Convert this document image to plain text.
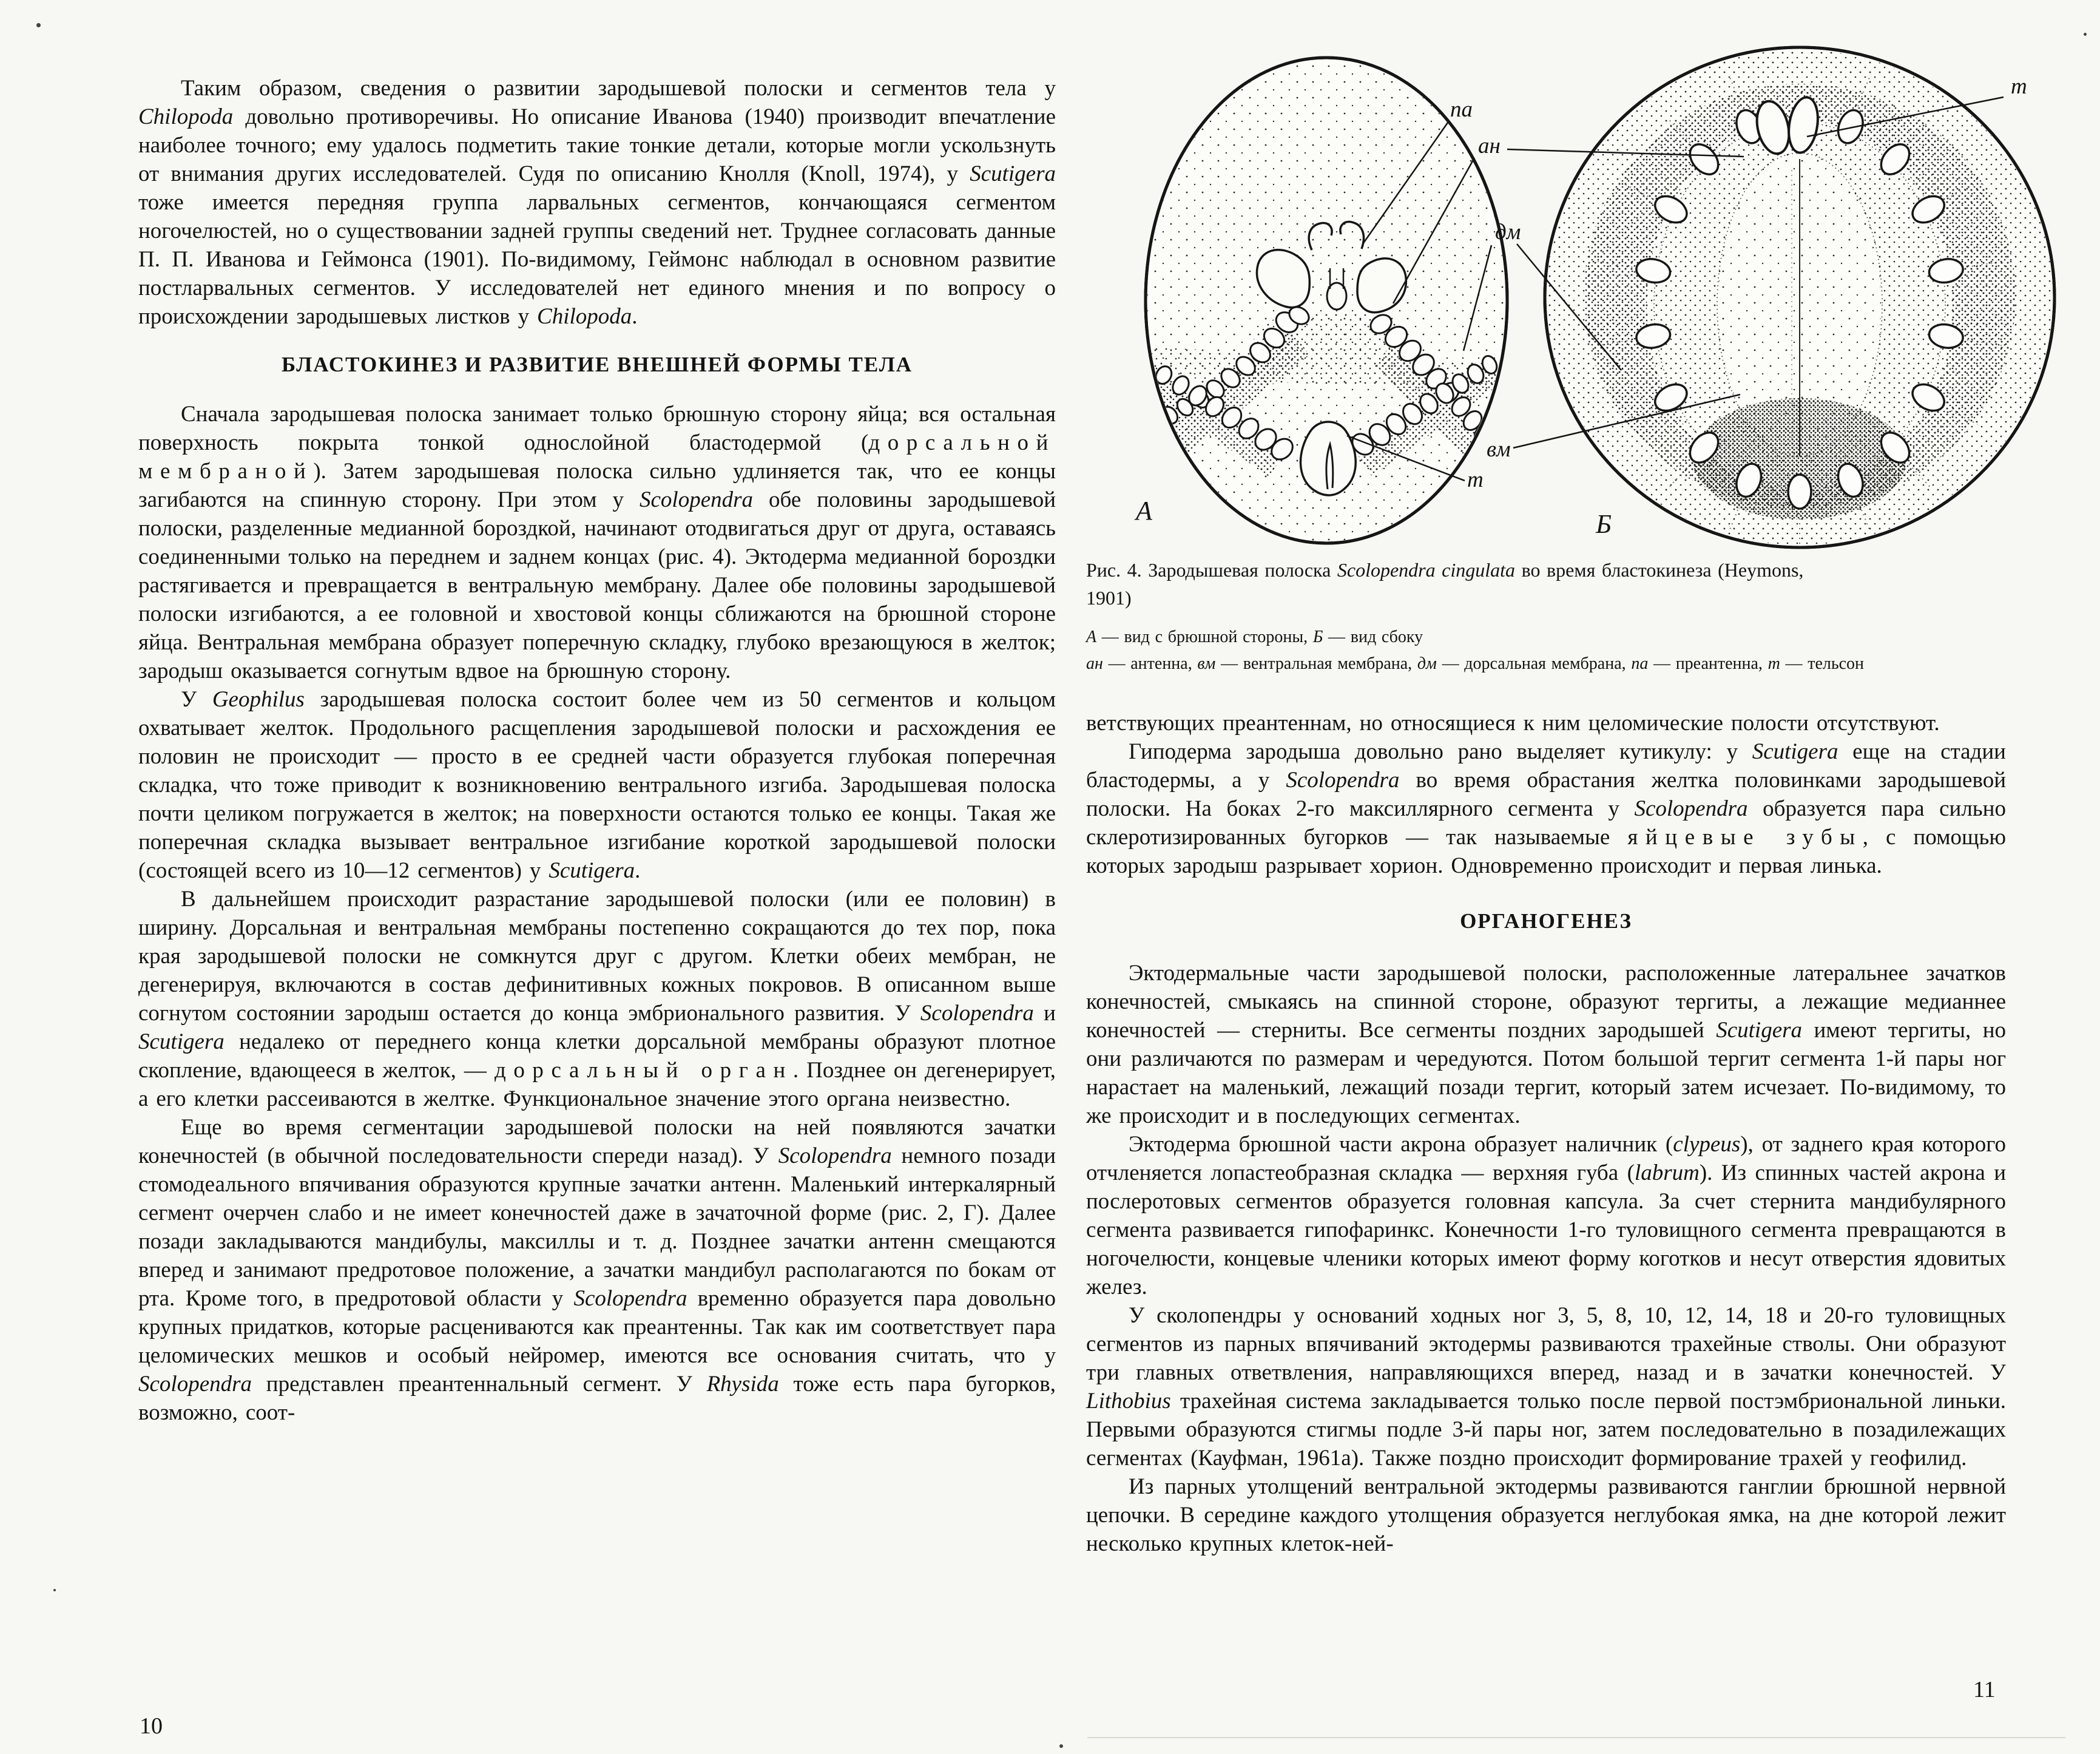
Таким образом, сведения о развитии зародышевой полоски и сегментов тела у Chilopoda довольно противоречивы. Но описание Иванова (1940) производит впечатление наиболее точного; ему удалось подметить такие тонкие детали, которые могли ускользнуть от внимания других исследователей. Судя по описанию Кнолля (Knoll, 1974), у Scutigera тоже имеется передняя группа ларвальных сегментов, кончающаяся сегментом ногочелюстей, но о существовании задней группы сведений нет. Труднее согласовать данные П. П. Иванова и Геймонса (1901). По-видимому, Геймонс наблюдал в основном развитие постларвальных сегментов. У исследователей нет единого мнения и по вопросу о происхождении зародышевых листков у Chilopoda.

БЛАСТОКИНЕЗ И РАЗВИТИЕ ВНЕШНЕЙ ФОРМЫ ТЕЛА

Сначала зародышевая полоска занимает только брюшную сторону яйца; вся остальная поверхность покрыта тонкой однослойной бластодермой (дорсальной мембраной). Затем зародышевая полоска сильно удлиняется так, что ее концы загибаются на спинную сторону. При этом у Scolopendra обе половины зародышевой полоски, разделенные медианной бороздкой, начинают отодвигаться друг от друга, оставаясь соединенными только на переднем и заднем концах (рис. 4). Эктодерма медианной бороздки растягивается и превращается в вентральную мембрану. Далее обе половины зародышевой полоски изгибаются, а ее головной и хвостовой концы сближаются на брюшной стороне яйца. Вентральная мембрана образует поперечную складку, глубоко врезающуюся в желток; зародыш оказывается согнутым вдвое на брюшную сторону.

У Geophilus зародышевая полоска состоит более чем из 50 сегментов и кольцом охватывает желток. Продольного расщепления зародышевой полоски и расхождения ее половин не происходит — просто в ее средней части образуется глубокая поперечная складка, что тоже приводит к возникновению вентрального изгиба. Зародышевая полоска почти целиком погружается в желток; на поверхности остаются только ее концы. Такая же поперечная складка вызывает вентральное изгибание короткой зародышевой полоски (состоящей всего из 10—12 сегментов) у Scutigera.

В дальнейшем происходит разрастание зародышевой полоски (или ее половин) в ширину. Дорсальная и вентральная мембраны постепенно сокращаются до тех пор, пока края зародышевой полоски не сомкнутся друг с другом. Клетки обеих мембран, не дегенерируя, включаются в состав дефинитивных кожных покровов. В описанном выше согнутом состоянии зародыш остается до конца эмбрионального развития. У Scolopendra и Scutigera недалеко от переднего конца клетки дорсальной мембраны образуют плотное скопление, вдающееся в желток, — дорсальный орган. Позднее он дегенерирует, а его клетки рассеиваются в желтке. Функциональное значение этого органа неизвестно.

Еще во время сегментации зародышевой полоски на ней появляются зачатки конечностей (в обычной последовательности спереди назад). У Scolopendra немного позади стомодеального впячивания образуются крупные зачатки антенн. Маленький интеркалярный сегмент очерчен слабо и не имеет конечностей даже в зачаточной форме (рис. 2, Г). Далее позади закладываются мандибулы, максиллы и т. д. Позднее зачатки антенн смещаются вперед и занимают предротовое положение, а зачатки мандибул располагаются по бокам от рта. Кроме того, в предротовой области у Scolopendra временно образуется пара довольно крупных придатков, которые расцениваются как преантенны. Так как им соответствует пара целомических мешков и особый нейромер, имеются все основания считать, что у Scolopendra представлен преантеннальный сегмент. У Rhysida тоже есть пара бугорков, возможно, соот-

па
ан
дм
т
вм
т
А	Б

Рис. 4. Зародышевая полоска Scolopendra cingulata во время бластокинеза (Heymons,
1901)

А — вид с брюшной стороны, Б — вид сбоку

ан — антенна, вм — вентральная мембрана, дм — дорсальная мембрана, па — преантенна, т — тельсон

ветствующих преантеннам, но относящиеся к ним целомические полости отсутствуют.

Гиподерма зародыша довольно рано выделяет кутикулу: у Scutigera еще на стадии бластодермы, а у Scolopendra во время обрастания желтка половинками зародышевой полоски. На боках 2-го максиллярного сегмента у Scolopendra образуется пара сильно склеротизированных бугорков — так называемые яйцевые зубы, с помощью которых зародыш разрывает хорион. Одновременно происходит и первая линька.

ОРГАНОГЕНЕЗ

Эктодермальные части зародышевой полоски, расположенные латеральнее зачатков конечностей, смыкаясь на спинной стороне, образуют тергиты, а лежащие медианнее конечностей — стерниты. Все сегменты поздних зародышей Scutigera имеют тергиты, но они различаются по размерам и чередуются. Потом большой тергит сегмента 1-й пары ног нарастает на маленький, лежащий позади тергит, который затем исчезает. По-видимому, то же происходит и в последующих сегментах.

Эктодерма брюшной части акрона образует наличник (clypeus), от заднего края которого отчленяется лопастеобразная складка — верхняя губа (labrum). Из спинных частей акрона и послеротовых сегментов образуется головная капсула. За счет стернита мандибулярного сегмента развивается гипофаринкс. Конечности 1-го туловищного сегмента превращаются в ногочелюсти, концевые членики которых имеют форму коготков и несут отверстия ядовитых желез.

У сколопендры у оснований ходных ног 3, 5, 8, 10, 12, 14, 18 и 20-го туловищных сегментов из парных впячиваний эктодермы развиваются трахейные стволы. Они образуют три главных ответвления, направляющихся вперед, назад и в зачатки конечностей. У Lithobius трахейная система закладывается только после первой постэмбриональной линьки. Первыми образуются стигмы подле 3-й пары ног, затем последовательно в позадилежащих сегментах (Кауфман, 1961а). Также поздно происходит формирование трахей у геофилид.

Из парных утолщений вентральной эктодермы развиваются ганглии брюшной нервной цепочки. В середине каждого утолщения образуется неглубокая ямка, на дне которой лежит несколько крупных клеток-ней-

10
11
